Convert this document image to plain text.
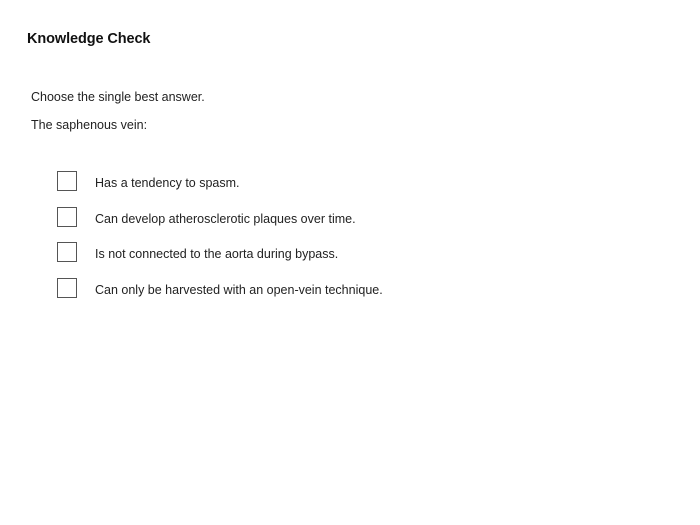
Knowledge Check
Choose the single best answer.
The saphenous vein:
Has a tendency to spasm.
Can develop atherosclerotic plaques over time.
Is not connected to the aorta during bypass.
Can only be harvested with an open-vein technique.
